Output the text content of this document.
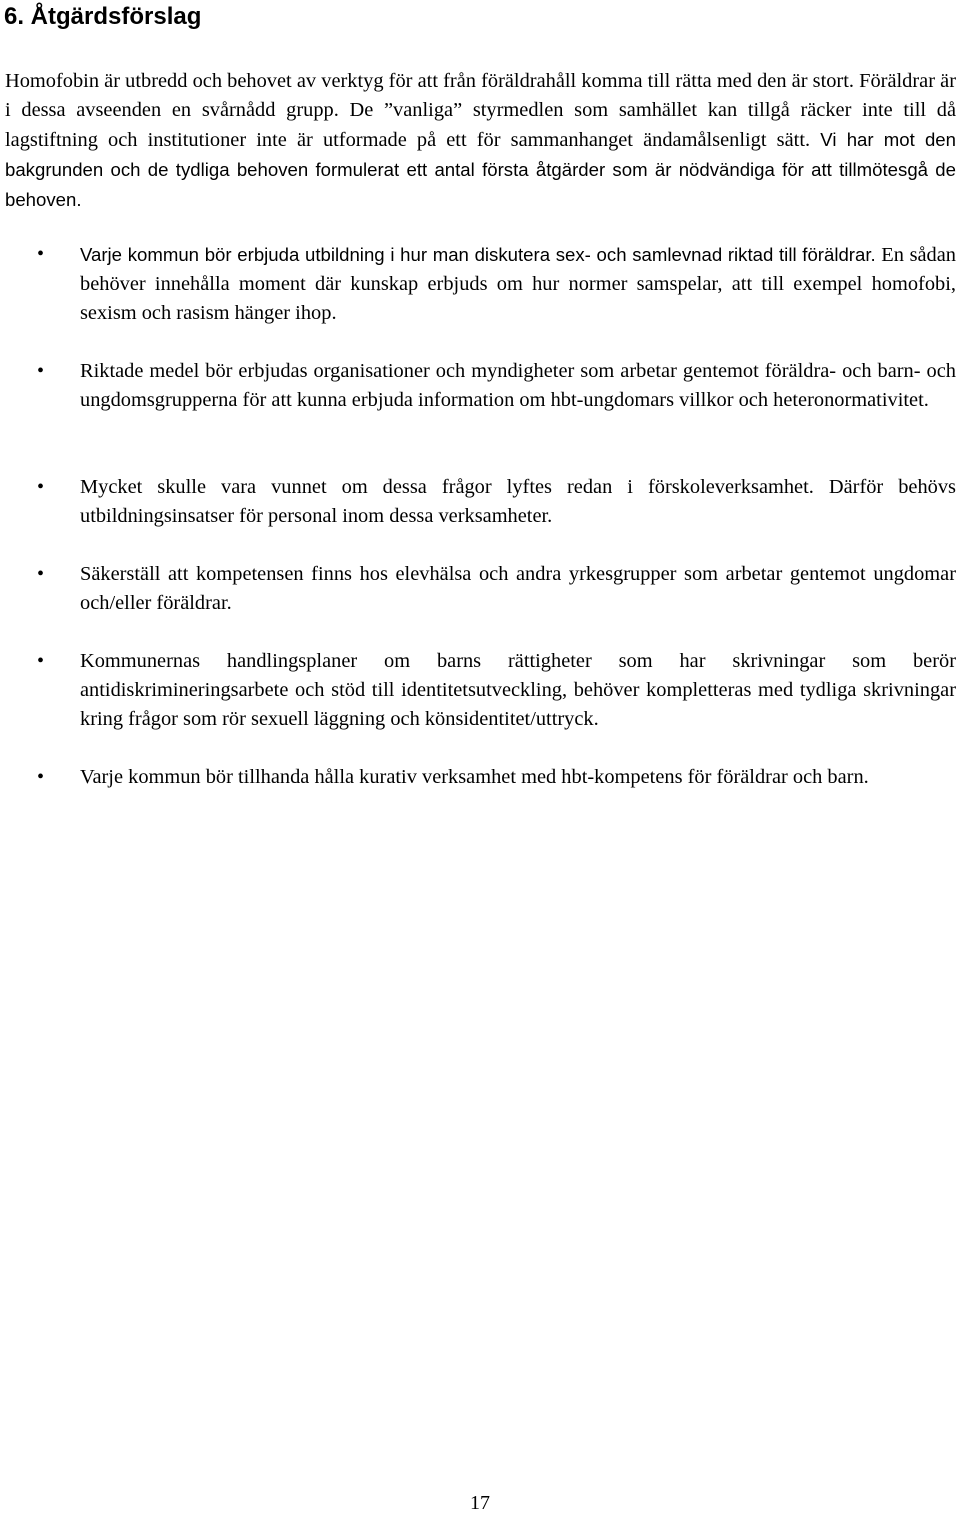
6. Åtgärdsförslag

Homofobin är utbredd och behovet av verktyg för att från föräldrahåll komma till rätta med den är stort. Föräldrar är i dessa avseenden en svårnådd grupp. De ”vanliga” styrmedlen som samhället kan tillgå räcker inte till då lagstiftning och institutioner inte är utformade på ett för sammanhanget ändamålsenligt sätt. Vi har mot den bakgrunden och de tydliga behoven formulerat ett antal första åtgärder som är nödvändiga för att tillmötesgå de behoven.

• Varje kommun bör erbjuda utbildning i hur man diskutera sex- och samlevnad riktad till föräldrar. En sådan behöver innehålla moment där kunskap erbjuds om hur normer samspelar, att till exempel homofobi, sexism och rasism hänger ihop.

• Riktade medel bör erbjudas organisationer och myndigheter som arbetar gentemot föräldra- och barn- och ungdomsgrupperna för att kunna erbjuda information om hbt-ungdomars villkor och heteronormativitet.

• Mycket skulle vara vunnet om dessa frågor lyftes redan i förskoleverksamhet. Därför behövs utbildningsinsatser för personal inom dessa verksamheter.

• Säkerställ att kompetensen finns hos elevhälsa och andra yrkesgrupper som arbetar gentemot ungdomar och/eller föräldrar.

• Kommunernas handlingsplaner om barns rättigheter som har skrivningar som berör antidiskrimineringsarbete och stöd till identitetsutveckling, behöver kompletteras med tydliga skrivningar kring frågor som rör sexuell läggning och könsidentitet/uttryck.

• Varje kommun bör tillhanda hålla kurativ verksamhet med hbt-kompetens för föräldrar och barn.

17
